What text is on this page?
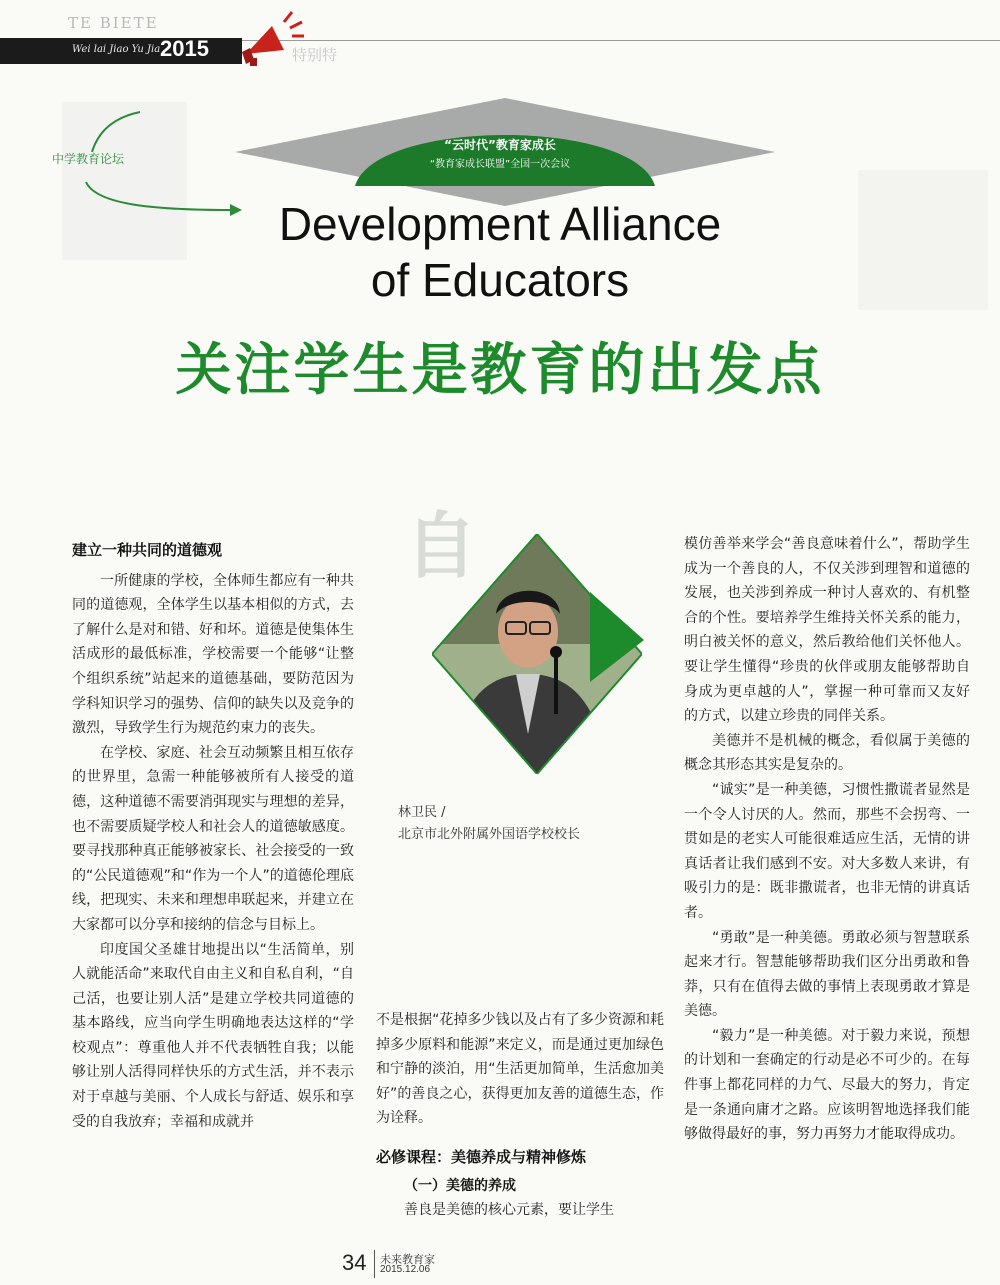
自
TE BIETE
Wei lai Jiao Yu Jia 2015	特别特
中学教育论坛
“云时代”教育家成长
“教育家成长联盟”全国一次会议
Development Alliance
of Educators
关注学生是教育的出发点
建立一种共同的道德观

一所健康的学校，全体师生都应有一种共同的道德观，全体学生以基本相似的方式，去了解什么是对和错、好和坏。道德是使集体生活成形的最低标准，学校需要一个能够“让整个组织系统”站起来的道德基础，要防范因为学科知识学习的强势、信仰的缺失以及竞争的激烈，导致学生行为规范约束力的丧失。

在学校、家庭、社会互动频繁且相互依存的世界里，急需一种能够被所有人接受的道德，这种道德不需要消弭现实与理想的差异，也不需要质疑学校人和社会人的道德敏感度。要寻找那种真正能够被家长、社会接受的一致的“公民道德观”和“作为一个人”的道德伦理底线，把现实、未来和理想串联起来，并建立在大家都可以分享和接纳的信念与目标上。

印度国父圣雄甘地提出以“生活简单，别人就能活命”来取代自由主义和自私自利，“自己活，也要让别人活”是建立学校共同道德的基本路线，应当向学生明确地表达这样的“学校观点”：尊重他人并不代表牺牲自我；以能够让别人活得同样快乐的方式生活，并不表示对于卓越与美丽、个人成长与舒适、娱乐和享受的自我放弃；幸福和成就并

林卫民 /
北京市北外附属外国语学校校长

不是根据“花掉多少钱以及占有了多少资源和耗掉多少原料和能源”来定义，而是通过更加绿色和宁静的淡泊，用“生活更加简单，生活愈加美好”的善良之心，获得更加友善的道德生态，作为诠释。

必修课程：美德养成与精神修炼
（一）美德的养成

善良是美德的核心元素，要让学生

模仿善举来学会“善良意味着什么”，帮助学生成为一个善良的人，不仅关涉到理智和道德的发展，也关涉到养成一种讨人喜欢的、有机整合的个性。要培养学生维持关怀关系的能力，明白被关怀的意义，然后教给他们关怀他人。要让学生懂得“珍贵的伙伴或朋友能够帮助自身成为更卓越的人”，掌握一种可靠而又友好的方式，以建立珍贵的同伴关系。

美德并不是机械的概念，看似属于美德的概念其形态其实是复杂的。

“诚实”是一种美德，习惯性撒谎者显然是一个令人讨厌的人。然而，那些不会拐弯、一贯如是的老实人可能很难适应生活，无情的讲真话者让我们感到不安。对大多数人来讲，有吸引力的是：既非撒谎者，也非无情的讲真话者。

“勇敢”是一种美德。勇敢必须与智慧联系起来才行。智慧能够帮助我们区分出勇敢和鲁莽，只有在值得去做的事情上表现勇敢才算是美德。

“毅力”是一种美德。对于毅力来说，预想的计划和一套确定的行动是必不可少的。在每件事上都花同样的力气、尽最大的努力，肯定是一条通向庸才之路。应该明智地选择我们能够做得最好的事，努力再努力才能取得成功。

34 未来教育家
2015.12.06
